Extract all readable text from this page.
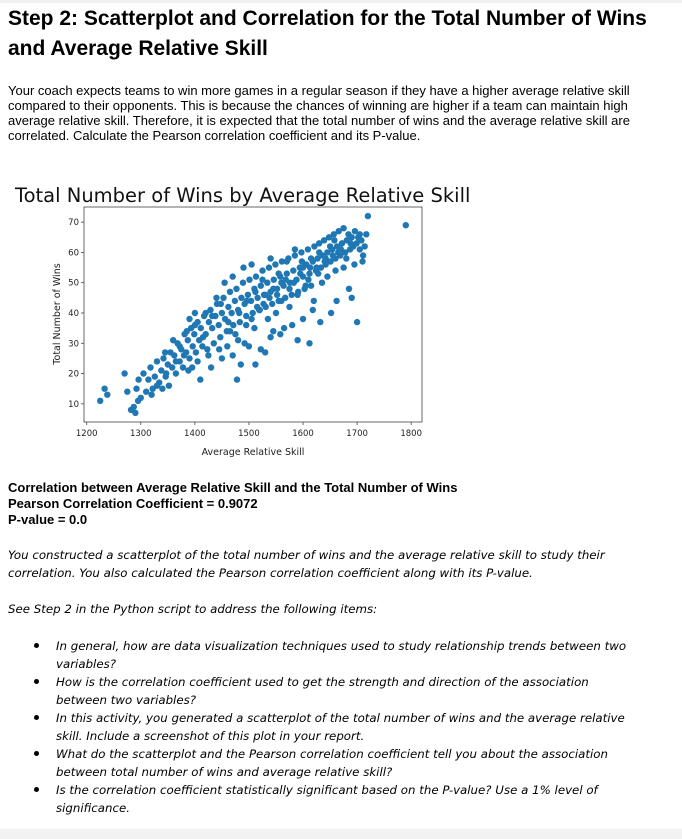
Step 2: Scatterplot and Correlation for the Total Number of Wins and Average Relative Skill

Your coach expects teams to win more games in a regular season if they have a higher average relative skill compared to their opponents. This is because the chances of winning are higher if a team can maintain high average relative skill. Therefore, it is expected that the total number of wins and the average relative skill are correlated. Calculate the Pearson correlation coefficient and its P-value.

Total Number of Wins by Average Relative Skill
1200	1300	1400	1500	1600	1700	1800
10
20
30
40
50
60
70
Average Relative Skill
Total Number of Wins
Correlation between Average Relative Skill and the Total Number of Wins
Pearson Correlation Coefficient = 0.9072
P-value = 0.0

You constructed a scatterplot of the total number of wins and the average relative skill to study their correlation. You also calculated the Pearson correlation coefficient along with its P-value.

See Step 2 in the Python script to address the following items:

In general, how are data visualization techniques used to study relationship trends between two variables?
How is the correlation coefficient used to get the strength and direction of the association between two variables?
In this activity, you generated a scatterplot of the total number of wins and the average relative skill. Include a screenshot of this plot in your report.
What do the scatterplot and the Pearson correlation coefficient tell you about the association between total number of wins and average relative skill?
Is the correlation coefficient statistically significant based on the P-value? Use a 1% level of significance.
